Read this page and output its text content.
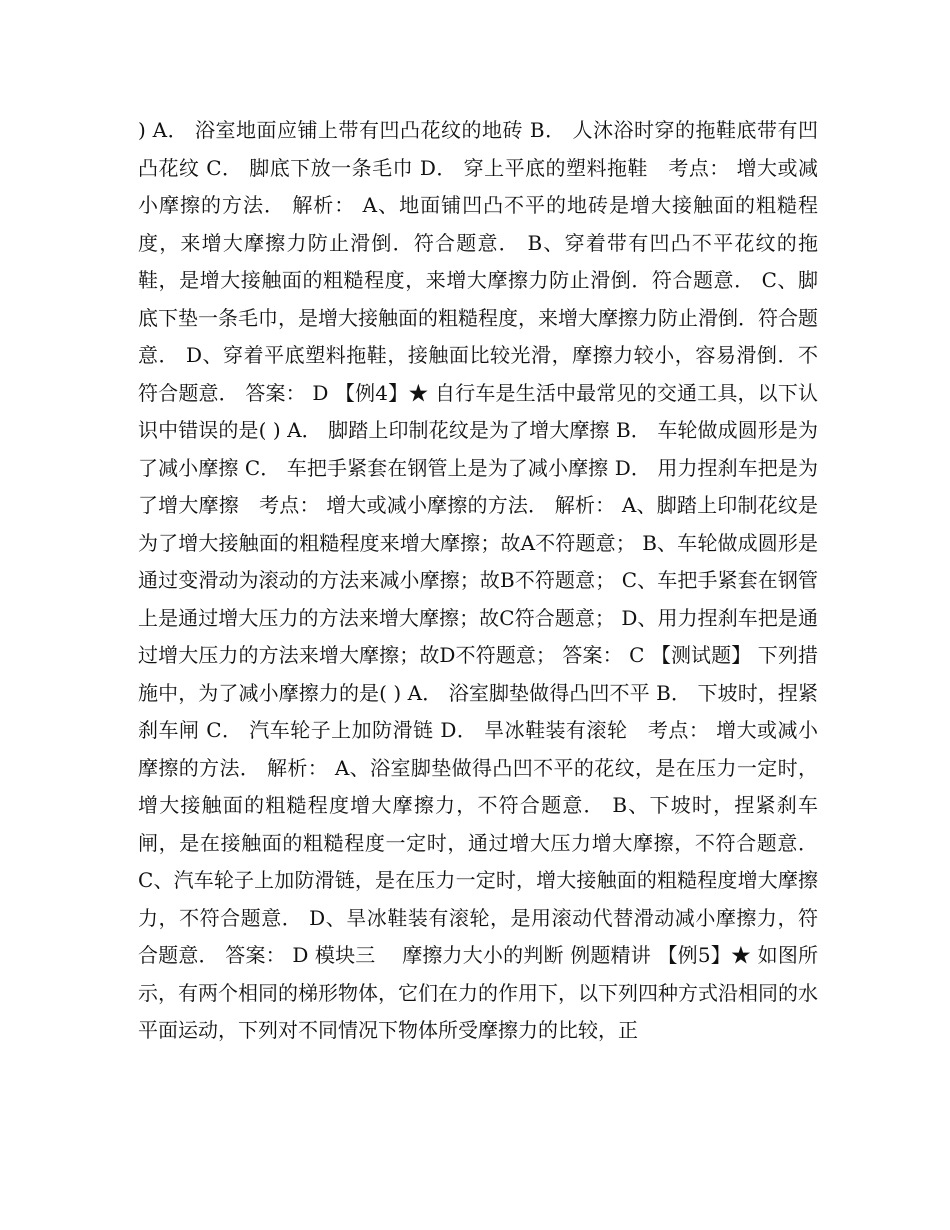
) A． 浴室地面应铺上带有凹凸花纹的地砖 B． 人沐浴时穿的拖鞋底带有凹凸花纹 C． 脚底下放一条毛巾 D． 穿上平底的塑料拖鞋　考点： 增大或减小摩擦的方法． 解析： A、地面铺凹凸不平的地砖是增大接触面的粗糙程度，来增大摩擦力防止滑倒．符合题意． B、穿着带有凹凸不平花纹的拖鞋，是增大接触面的粗糙程度，来增大摩擦力防止滑倒．符合题意． C、脚底下垫一条毛巾，是增大接触面的粗糙程度，来增大摩擦力防止滑倒．符合题意． D、穿着平底塑料拖鞋，接触面比较光滑，摩擦力较小，容易滑倒．不符合题意． 答案： D 【例4】★ 自行车是生活中最常见的交通工具，以下认识中错误的是( ) A． 脚踏上印制花纹是为了增大摩擦 B． 车轮做成圆形是为了减小摩擦 C． 车把手紧套在钢管上是为了减小摩擦 D． 用力捏刹车把是为了增大摩擦　考点： 增大或减小摩擦的方法． 解析： A、脚踏上印制花纹是为了增大接触面的粗糙程度来增大摩擦；故A不符题意； B、车轮做成圆形是通过变滑动为滚动的方法来减小摩擦；故B不符题意； C、车把手紧套在钢管上是通过增大压力的方法来增大摩擦；故C符合题意； D、用力捏刹车把是通过增大压力的方法来增大摩擦；故D不符题意； 答案： C 【测试题】 下列措施中，为了减小摩擦力的是( ) A． 浴室脚垫做得凸凹不平 B． 下坡时，捏紧刹车闸 C． 汽车轮子上加防滑链 D． 旱冰鞋装有滚轮　考点： 增大或减小摩擦的方法． 解析： A、浴室脚垫做得凸凹不平的花纹，是在压力一定时，增大接触面的粗糙程度增大摩擦力，不符合题意． B、下坡时，捏紧刹车闸，是在接触面的粗糙程度一定时，通过增大压力增大摩擦，不符合题意． C、汽车轮子上加防滑链，是在压力一定时，增大接触面的粗糙程度增大摩擦力，不符合题意． D、旱冰鞋装有滚轮，是用滚动代替滑动减小摩擦力，符合题意． 答案： D 模块三　 摩擦力大小的判断 例题精讲 【例5】★ 如图所示，有两个相同的梯形物体，它们在力的作用下，以下列四种方式沿相同的水平面运动，下列对不同情况下物体所受摩擦力的比较，正
